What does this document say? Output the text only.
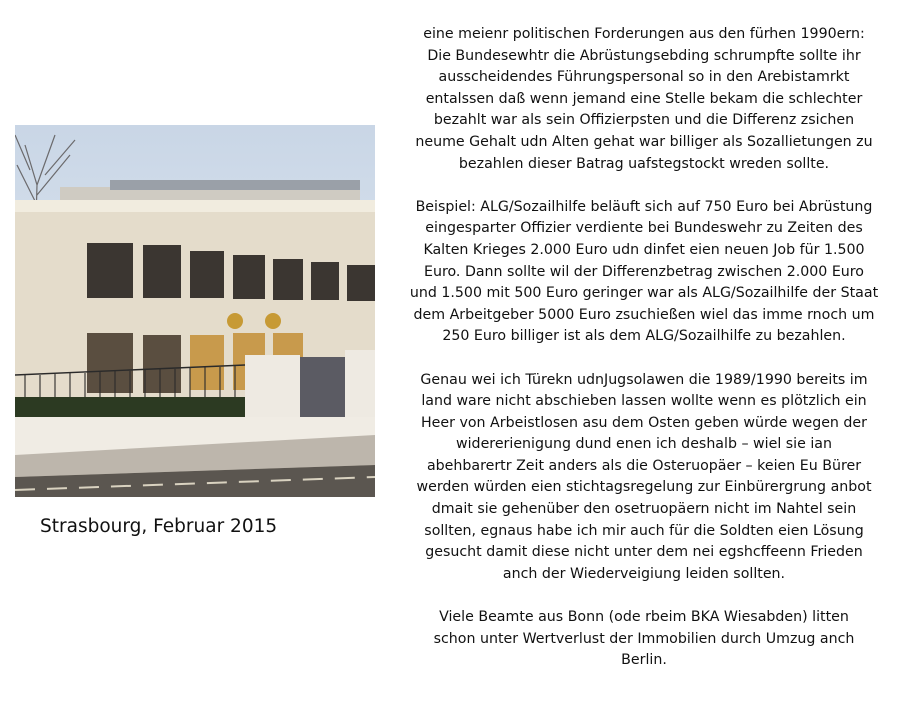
Strasbourg, Februar 2015

eine meienr politischen Forderungen aus den fürhen 1990ern:
Die Bundesewhtr die Abrüstungsebding schrumpfte sollte ihr
ausscheidendes Führungspersonal so in den Arebistamrkt
entalssen daß wenn jemand eine Stelle bekam die schlechter
bezahlt war als sein Offizierpsten und die Differenz zsichen
neume Gehalt udn Alten gehat war billiger als Sozallietungen zu
bezahlen dieser Batrag uafstegstockt wreden sollte.

Beispiel: ALG/Sozailhilfe beläuft sich auf 750 Euro bei Abrüstung
eingesparter Offizier verdiente bei Bundeswehr zu Zeiten des
Kalten Krieges 2.000 Euro udn dinfet eien neuen Job für 1.500
Euro. Dann sollte wil der Differenzbetrag zwischen 2.000 Euro
und 1.500 mit 500 Euro geringer war als ALG/Sozailhilfe der Staat
dem Arbeitgeber 5000 Euro zsuchießen wiel das imme rnoch um
250 Euro billiger ist als dem ALG/Sozailhilfe zu bezahlen.

Genau wei ich Türekn udnJugsolawen die 1989/1990 bereits im
land ware nicht abschieben lassen wollte wenn es plötzlich ein
Heer von Arbeistlosen asu dem Osten geben würde wegen der
widererienigung dund enen ich deshalb – wiel sie ian
abehbarertr Zeit anders als die Osteruopäer – keien Eu Bürer
werden würden eien stichtagsregelung zur Einbürergrung anbot
dmait sie gehenüber den osetruopäern nicht im Nahtel sein
sollten, egnaus habe ich mir auch für die Soldten eien Lösung
gesucht damit diese nicht unter dem nei egshcffeenn Frieden
anch der Wiederveigiung leiden sollten.

Viele Beamte aus Bonn (ode rbeim BKA Wiesabden) litten
schon unter Wertverlust der Immobilien durch Umzug anch
Berlin.
